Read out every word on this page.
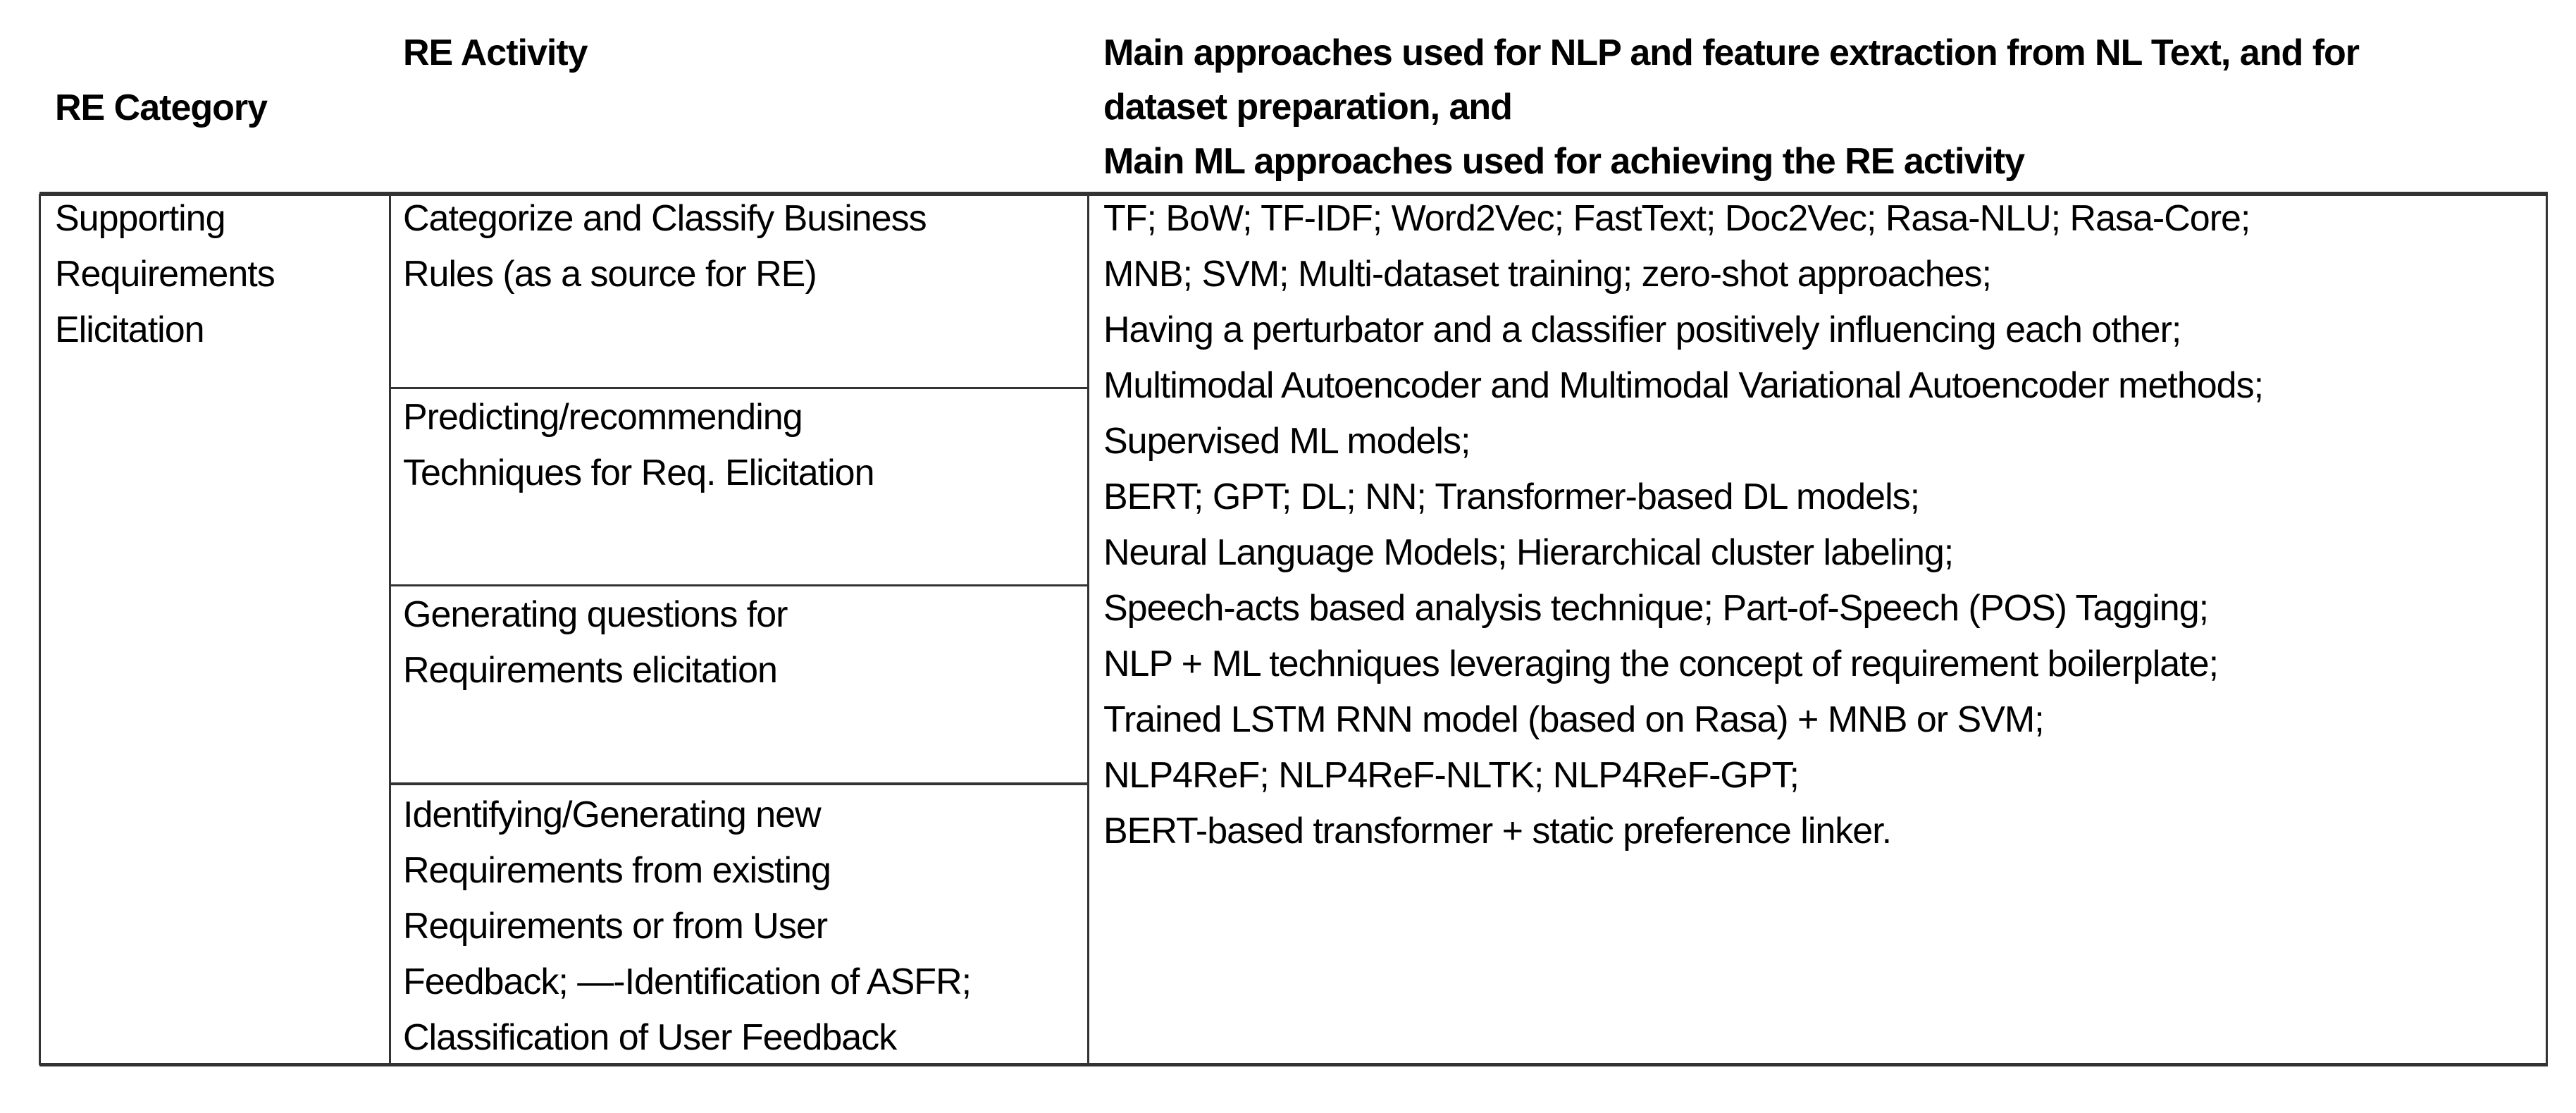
RE Category
RE Activity	Main approaches used for NLP and feature extraction from NL Text, and for
dataset preparation, and
Main ML approaches used for achieving the RE activity
Supporting
Requirements
Elicitation
Categorize and Classify Business
Rules (as a source for RE)
Predicting/recommending
Techniques for Req. Elicitation
Generating questions for
Requirements elicitation
Identifying/Generating new
Requirements from existing
Requirements or from User
Feedback; —-Identification of ASFR;
Classification of User Feedback
TF; BoW; TF-IDF; Word2Vec; FastText; Doc2Vec; Rasa-NLU; Rasa-Core;
MNB; SVM; Multi-dataset training; zero-shot approaches;
Having a perturbator and a classifier positively influencing each other;
Multimodal Autoencoder and Multimodal Variational Autoencoder methods;
Supervised ML models;
BERT; GPT; DL; NN; Transformer-based DL models;
Neural Language Models; Hierarchical cluster labeling;
Speech-acts based analysis technique; Part-of-Speech (POS) Tagging;
NLP + ML techniques leveraging the concept of requirement boilerplate;
Trained LSTM RNN model (based on Rasa) + MNB or SVM;
NLP4ReF; NLP4ReF-NLTK; NLP4ReF-GPT;
BERT-based transformer + static preference linker.
